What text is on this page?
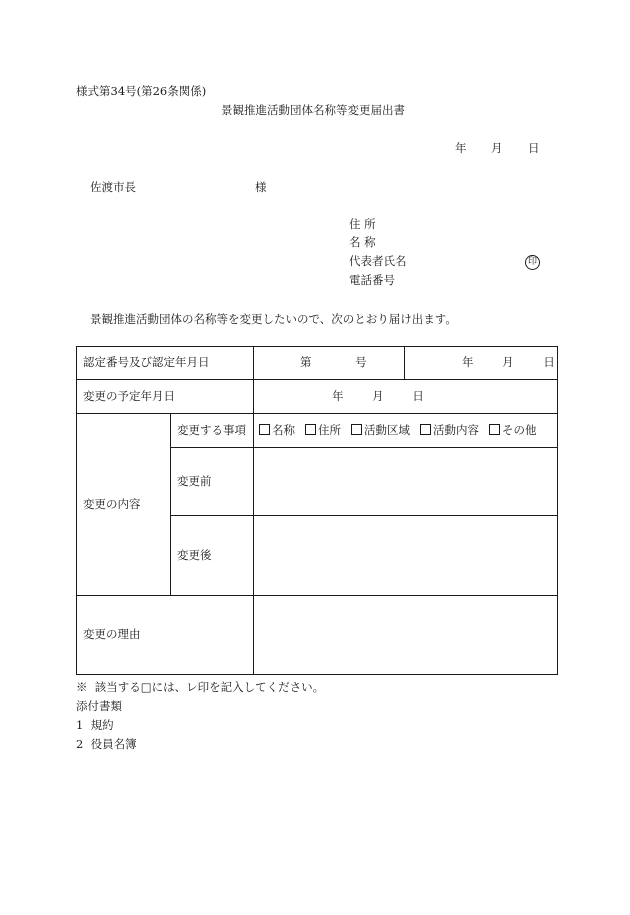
様式第34号(第26条関係)
景観推進活動団体名称等変更届出書
年 月 日
佐渡市長	様
住 所
名 称
代表者氏名	印
電話番号
景観推進活動団体の名称等を変更したいので、次のとおり届け出ます。
認定番号及び認定年月日		第 号	年 月 日
変更の予定年月日		年 月 日	
変更の内容	変更する事項	名称 住所 活動区域 活動内容 その他	
	変更前		
	変更後		
変更の理由			
※  該当する□には、レ印を記入してください。
添付書類
1  規約
2  役員名簿
